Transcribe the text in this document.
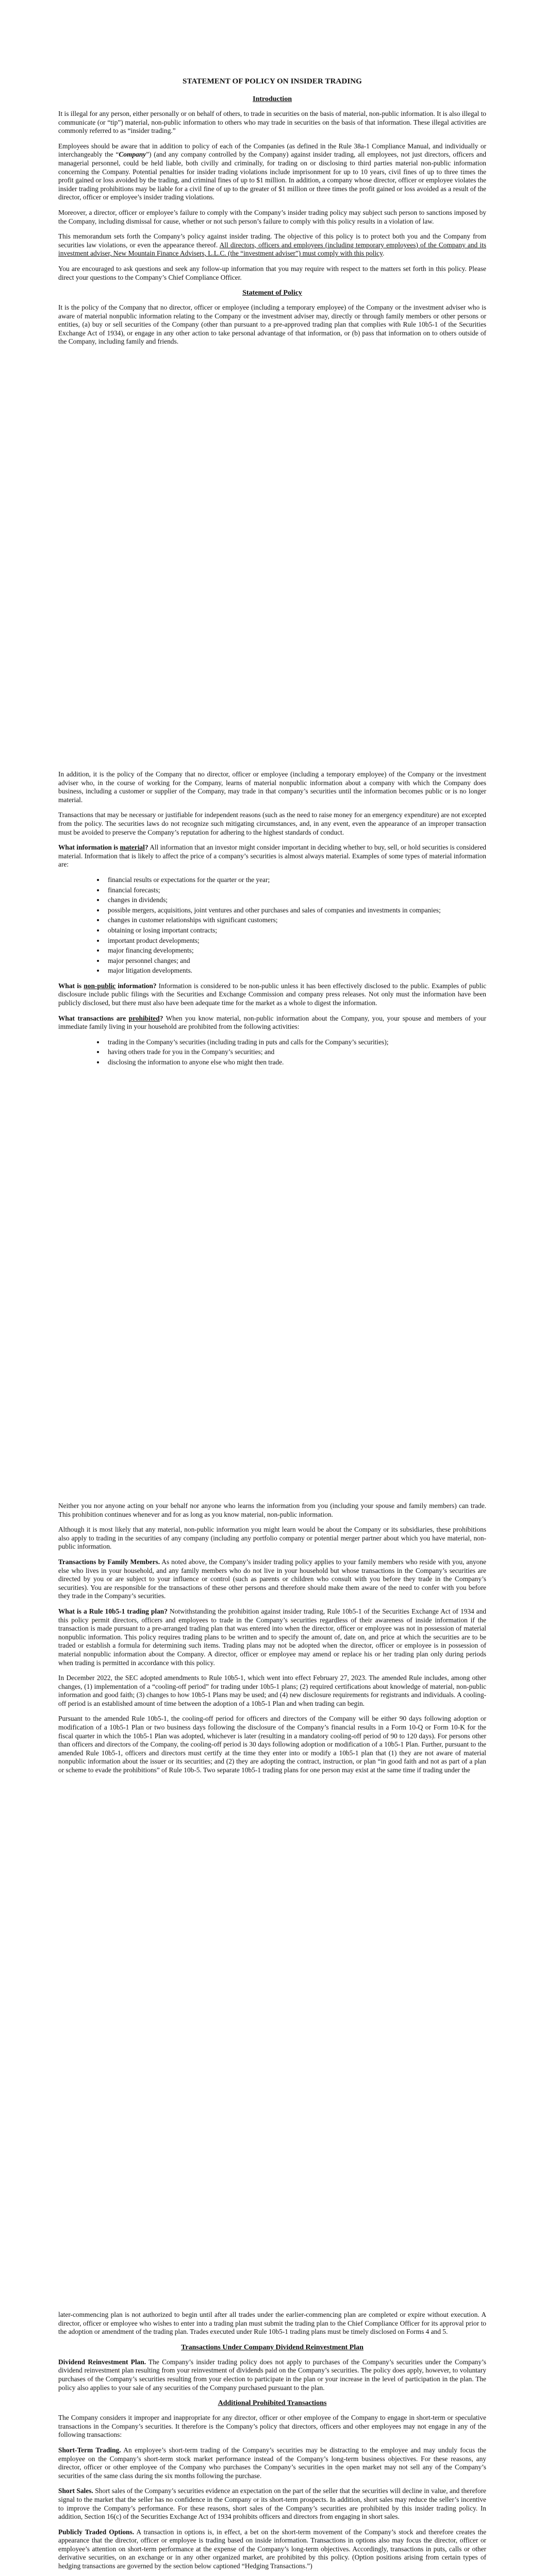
STATEMENT OF POLICY ON INSIDER TRADING
Introduction

It is illegal for any person, either personally or on behalf of others, to trade in securities on the basis of material, non-public information. It is also illegal to communicate (or “tip”) material, non-public information to others who may trade in securities on the basis of that information. These illegal activities are commonly referred to as “insider trading.”

Employees should be aware that in addition to policy of each of the Companies (as defined in the Rule 38a-1 Compliance Manual, and individually or interchangeably the “Company”) (and any company controlled by the Company) against insider trading, all employees, not just directors, officers and managerial personnel, could be held liable, both civilly and criminally, for trading on or disclosing to third parties material non-public information concerning the Company. Potential penalties for insider trading violations include imprisonment for up to 10 years, civil fines of up to three times the profit gained or loss avoided by the trading, and criminal fines of up to $1 million. In addition, a company whose director, officer or employee violates the insider trading prohibitions may be liable for a civil fine of up to the greater of $1 million or three times the profit gained or loss avoided as a result of the director, officer or employee’s insider trading violations.

Moreover, a director, officer or employee’s failure to comply with the Company’s insider trading policy may subject such person to sanctions imposed by the Company, including dismissal for cause, whether or not such person’s failure to comply with this policy results in a violation of law.

This memorandum sets forth the Company’s policy against insider trading. The objective of this policy is to protect both you and the Company from securities law violations, or even the appearance thereof. All directors, officers and employees (including temporary employees) of the Company and its investment adviser, New Mountain Finance Advisers, L.L.C. (the “investment adviser”) must comply with this policy.

You are encouraged to ask questions and seek any follow-up information that you may require with respect to the matters set forth in this policy. Please direct your questions to the Company’s Chief Compliance Officer.

Statement of Policy

It is the policy of the Company that no director, officer or employee (including a temporary employee) of the Company or the investment adviser who is aware of material nonpublic information relating to the Company or the investment adviser may, directly or through family members or other persons or entities, (a) buy or sell securities of the Company (other than pursuant to a pre-approved trading plan that complies with Rule 10b5-1 of the Securities Exchange Act of 1934), or engage in any other action to take personal advantage of that information, or (b) pass that information on to others outside of the Company, including family and friends.

In addition, it is the policy of the Company that no director, officer or employee (including a temporary employee) of the Company or the investment adviser who, in the course of working for the Company, learns of material nonpublic information about a company with which the Company does business, including a customer or supplier of the Company, may trade in that company’s securities until the information becomes public or is no longer material.

Transactions that may be necessary or justifiable for independent reasons (such as the need to raise money for an emergency expenditure) are not excepted from the policy. The securities laws do not recognize such mitigating circumstances, and, in any event, even the appearance of an improper transaction must be avoided to preserve the Company’s reputation for adhering to the highest standards of conduct.

What information is material? All information that an investor might consider important in deciding whether to buy, sell, or hold securities is considered material. Information that is likely to affect the price of a company’s securities is almost always material. Examples of some types of material information are:

• financial results or expectations for the quarter or the year;
• financial forecasts;
• changes in dividends;
• possible mergers, acquisitions, joint ventures and other purchases and sales of companies and investments in companies;
• changes in customer relationships with significant customers;
• obtaining or losing important contracts;
• important product developments;
• major financing developments;
• major personnel changes; and
• major litigation developments.

What is non-public information? Information is considered to be non-public unless it has been effectively disclosed to the public. Examples of public disclosure include public filings with the Securities and Exchange Commission and company press releases. Not only must the information have been publicly disclosed, but there must also have been adequate time for the market as a whole to digest the information.

What transactions are prohibited? When you know material, non-public information about the Company, you, your spouse and members of your immediate family living in your household are prohibited from the following activities:

• trading in the Company’s securities (including trading in puts and calls for the Company’s securities);
• having others trade for you in the Company’s securities; and
• disclosing the information to anyone else who might then trade.

Neither you nor anyone acting on your behalf nor anyone who learns the information from you (including your spouse and family members) can trade. This prohibition continues whenever and for as long as you know material, non-public information.

Although it is most likely that any material, non-public information you might learn would be about the Company or its subsidiaries, these prohibitions also apply to trading in the securities of any company (including any portfolio company or potential merger partner about which you have material, non-public information.

Transactions by Family Members. As noted above, the Company’s insider trading policy applies to your family members who reside with you, anyone else who lives in your household, and any family members who do not live in your household but whose transactions in the Company’s securities are directed by you or are subject to your influence or control (such as parents or children who consult with you before they trade in the Company’s securities). You are responsible for the transactions of these other persons and therefore should make them aware of the need to confer with you before they trade in the Company’s securities.

What is a Rule 10b5-1 trading plan? Notwithstanding the prohibition against insider trading, Rule 10b5-1 of the Securities Exchange Act of 1934 and this policy permit directors, officers and employees to trade in the Company’s securities regardless of their awareness of inside information if the transaction is made pursuant to a pre-arranged trading plan that was entered into when the director, officer or employee was not in possession of material nonpublic information. This policy requires trading plans to be written and to specify the amount of, date on, and price at which the securities are to be traded or establish a formula for determining such items. Trading plans may not be adopted when the director, officer or employee is in possession of material nonpublic information about the Company. A director, officer or employee may amend or replace his or her trading plan only during periods when trading is permitted in accordance with this policy.

In December 2022, the SEC adopted amendments to Rule 10b5-1, which went into effect February 27, 2023. The amended Rule includes, among other changes, (1) implementation of a “cooling-off period” for trading under 10b5-1 plans; (2) required certifications about knowledge of material, non-public information and good faith; (3) changes to how 10b5-1 Plans may be used; and (4) new disclosure requirements for registrants and individuals. A cooling-off period is an established amount of time between the adoption of a 10b5-1 Plan and when trading can begin.

Pursuant to the amended Rule 10b5-1, the cooling-off period for officers and directors of the Company will be either 90 days following adoption or modification of a 10b5-1 Plan or two business days following the disclosure of the Company’s financial results in a Form 10-Q or Form 10-K for the fiscal quarter in which the 10b5-1 Plan was adopted, whichever is later (resulting in a mandatory cooling-off period of 90 to 120 days). For persons other than officers and directors of the Company, the cooling-off period is 30 days following adoption or modification of a 10b5-1 Plan. Further, pursuant to the amended Rule 10b5-1, officers and directors must certify at the time they enter into or modify a 10b5-1 plan that (1) they are not aware of material nonpublic information about the issuer or its securities; and (2) they are adopting the contract, instruction, or plan “in good faith and not as part of a plan or scheme to evade the prohibitions” of Rule 10b-5. Two separate 10b5-1 trading plans for one person may exist at the same time if trading under the

later-commencing plan is not authorized to begin until after all trades under the earlier-commencing plan are completed or expire without execution. A director, officer or employee who wishes to enter into a trading plan must submit the trading plan to the Chief Compliance Officer for its approval prior to the adoption or amendment of the trading plan. Trades executed under Rule 10b5-1 trading plans must be timely disclosed on Forms 4 and 5.

Transactions Under Company Dividend Reinvestment Plan

Dividend Reinvestment Plan. The Company’s insider trading policy does not apply to purchases of the Company’s securities under the Company’s dividend reinvestment plan resulting from your reinvestment of dividends paid on the Company’s securities. The policy does apply, however, to voluntary purchases of the Company’s securities resulting from your election to participate in the plan or your increase in the level of participation in the plan. The policy also applies to your sale of any securities of the Company purchased pursuant to the plan.

Additional Prohibited Transactions

The Company considers it improper and inappropriate for any director, officer or other employee of the Company to engage in short-term or speculative transactions in the Company’s securities. It therefore is the Company’s policy that directors, officers and other employees may not engage in any of the following transactions:

Short-Term Trading. An employee’s short-term trading of the Company’s securities may be distracting to the employee and may unduly focus the employee on the Company’s short-term stock market performance instead of the Company’s long-term business objectives. For these reasons, any director, officer or other employee of the Company who purchases the Company’s securities in the open market may not sell any of the Company’s securities of the same class during the six months following the purchase.

Short Sales. Short sales of the Company’s securities evidence an expectation on the part of the seller that the securities will decline in value, and therefore signal to the market that the seller has no confidence in the Company or its short-term prospects. In addition, short sales may reduce the seller’s incentive to improve the Company’s performance. For these reasons, short sales of the Company’s securities are prohibited by this insider trading policy. In addition, Section 16(c) of the Securities Exchange Act of 1934 prohibits officers and directors from engaging in short sales.

Publicly Traded Options. A transaction in options is, in effect, a bet on the short-term movement of the Company’s stock and therefore creates the appearance that the director, officer or employee is trading based on inside information. Transactions in options also may focus the director, officer or employee’s attention on short-term performance at the expense of the Company’s long-term objectives. Accordingly, transactions in puts, calls or other derivative securities, on an exchange or in any other organized market, are prohibited by this policy. (Option positions arising from certain types of hedging transactions are governed by the section below captioned “Hedging Transactions.”)
